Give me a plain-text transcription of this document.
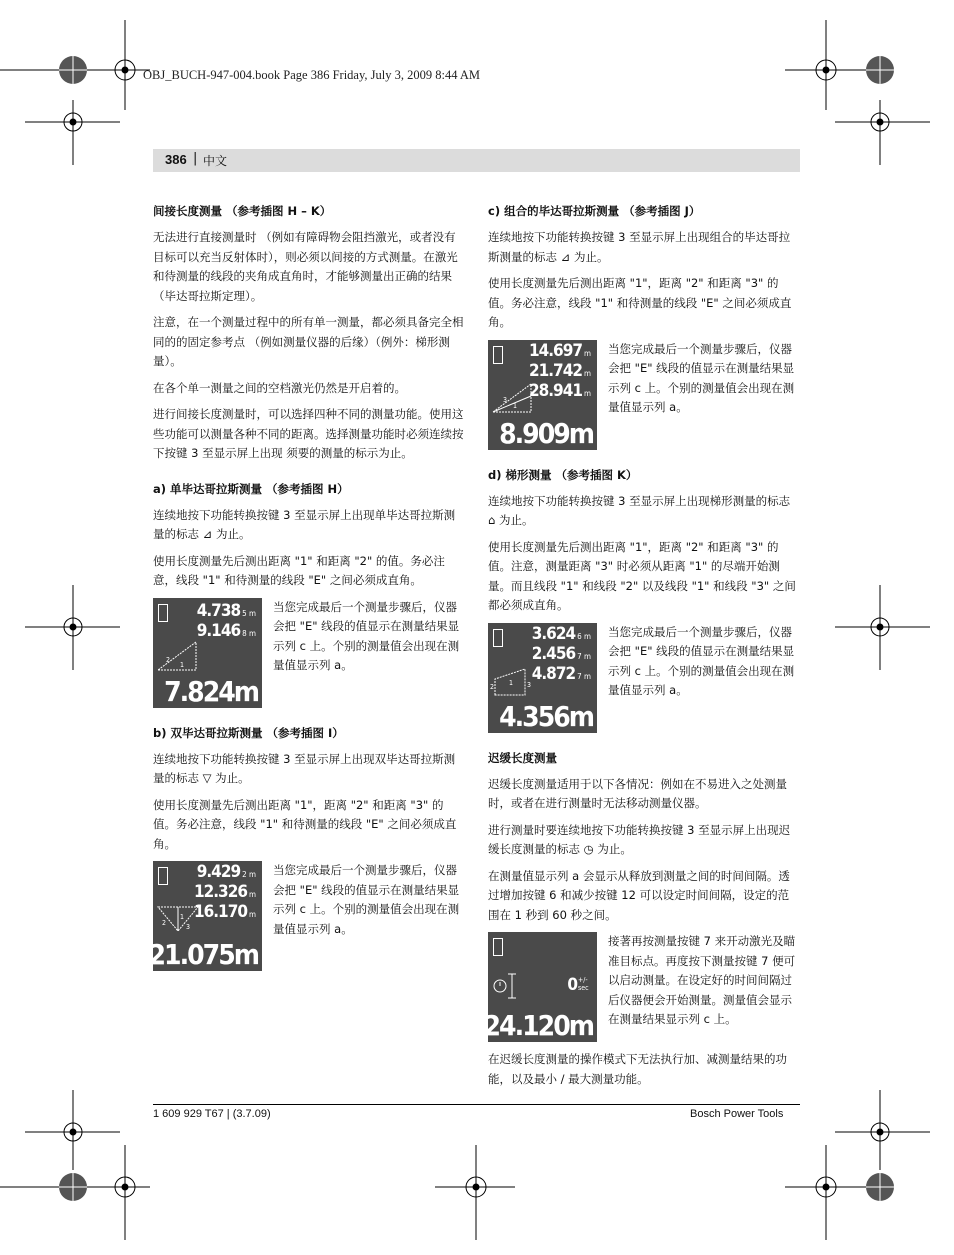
OBJ_BUCH-947-004.book Page 386 Friday, July 3, 2009 8:44 AM
386 | 中文
间接长度测量 （参考插图 H – K）

无法进行直接测量时 （例如有障碍物会阻挡激光，或者没有目标可以充当反射体时），则必须以间接的方式测量。在激光和待测量的线段的夹角成直角时，才能够测量出正确的结果 （毕达哥拉斯定理）。

注意，在一个测量过程中的所有单一测量，都必须具备完全相同的的固定参考点 （例如测量仪器的后缘）（例外：梯形测量）。

在各个单一测量之间的空档激光仍然是开启着的。

进行间接长度测量时，可以选择四种不同的测量功能。使用这些功能可以测量各种不同的距离。选择测量功能时必须连续按下按键 3 至显示屏上出现 须要的测量的标示为止。

a) 单毕达哥拉斯测量 （参考插图 H）

连续地按下功能转换按键 3 至显示屏上出现单毕达哥拉斯测量的标志 ⊿ 为止。

使用长度测量先后测出距离 "1" 和距离 "2" 的值。务必注意，线段 "1" 和待测量的线段 "E" 之间必须成直角。

4.738 5 m
9.146 8 m
2
1
7.824m
当您完成最后一个测量步骤后，仪器会把 "E" 线段的值显示在测量结果显示列 c 上。个别的测量值会出现在测量值显示列 a。
b) 双毕达哥拉斯测量 （参考插图 I）

连续地按下功能转换按键 3 至显示屏上出现双毕达哥拉斯测量的标志 ▽ 为止。

使用长度测量先后测出距离 "1"，距离 "2" 和距离 "3" 的值。务必注意，线段 "1" 和待测量的线段 "E" 之间必须成直角。

9.429 2 m
12.326 m
16.170 m
2
1
3
21.075m
当您完成最后一个测量步骤后，仪器会把 "E" 线段的值显示在测量结果显示列 c 上。个别的测量值会出现在测量值显示列 a。
c) 组合的毕达哥拉斯测量 （参考插图 J）

连续地按下功能转换按键 3 至显示屏上出现组合的毕达哥拉斯测量的标志 ⊿ 为止。

使用长度测量先后测出距离 "1"，距离 "2" 和距离 "3" 的值。务必注意，线段 "1" 和待测量的线段 "E" 之间必须成直角。

14.697 m
21.742 m
28.941 m
3
1
8.909m
当您完成最后一个测量步骤后，仪器会把 "E" 线段的值显示在测量结果显示列 c 上。个别的测量值会出现在测量值显示列 a。
d) 梯形测量 （参考插图 K）

连续地按下功能转换按键 3 至显示屏上出现梯形测量的标志 ⌂ 为止。

使用长度测量先后测出距离 "1"，距离 "2" 和距离 "3" 的值。注意，测量距离 "3" 时必须从距离 "1" 的尽端开始测量。而且线段 "1" 和线段 "2" 以及线段 "1" 和线段 "3" 之间都必须成直角。

3.624 6 m
2.456 7 m
4.872 7 m
2 1 3
4.356m
当您完成最后一个测量步骤后，仪器会把 "E" 线段的值显示在测量结果显示列 c 上。个别的测量值会出现在测量值显示列 a。
迟缓长度测量

迟缓长度测量适用于以下各情况：例如在不易进入之处测量时，或者在进行测量时无法移动测量仪器。

进行测量时要连续地按下功能转换按键 3 至显示屏上出现迟缓长度测量的标志 ◷ 为止。

在测量值显示列 a 会显示从释放到测量之间的时间间隔。透过增加按键 6 和减少按键 12 可以设定时间间隔，设定的范围在 1 秒到 60 秒之间。

0 +/- sec
24.120m
接著再按测量按键 7 来开动激光及瞄准目标点。再度按下测量按键 7 便可以启动测量。在设定好的时间间隔过后仪器便会开始测量。测量值会显示在测量结果显示列 c 上。

在迟缓长度测量的操作模式下无法执行加、减测量结果的功能，以及最小 / 最大测量功能。

1 609 929 T67 | (3.7.09)	Bosch Power Tools
